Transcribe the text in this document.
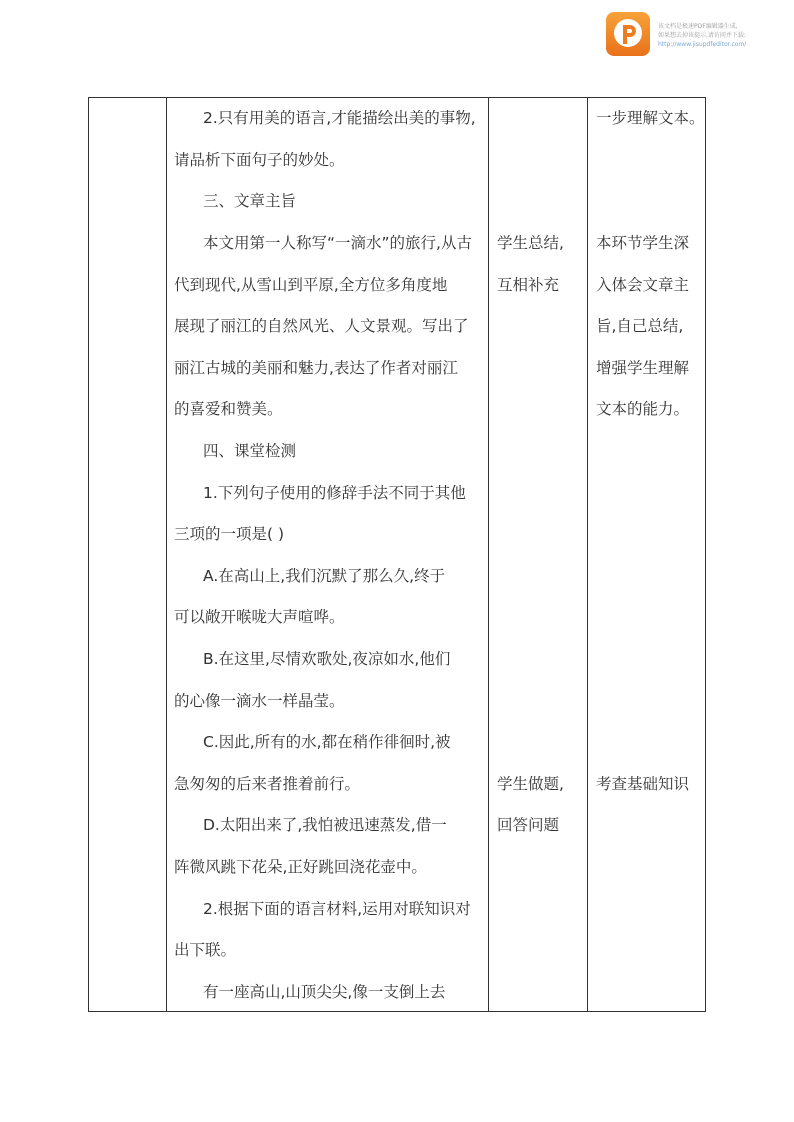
该文档是极速PDF编辑器生成,
如果想去掉该提示,请访问并下载:
http://www.jisupdfeditor.com/
2.只有用美的语言,才能描绘出美的事物,
请品析下面句子的妙处。
三、文章主旨
本文用第一人称写“一滴水”的旅行,从古
代到现代,从雪山到平原,全方位多角度地
展现了丽江的自然风光、人文景观。写出了
丽江古城的美丽和魅力,表达了作者对丽江
的喜爱和赞美。
四、课堂检测
1.下列句子使用的修辞手法不同于其他
三项的一项是( )
A.在高山上,我们沉默了那么久,终于
可以敞开喉咙大声喧哗。
B.在这里,尽情欢歌处,夜凉如水,他们
的心像一滴水一样晶莹。
C.因此,所有的水,都在稍作徘徊时,被
急匆匆的后来者推着前行。
D.太阳出来了,我怕被迅速蒸发,借一
阵微风跳下花朵,正好跳回浇花壶中。
2.根据下面的语言材料,运用对联知识对
出下联。
有一座高山,山顶尖尖,像一支倒上去
学生总结,
互相补充
学生做题,
回答问题
一步理解文本。
本环节学生深
入体会文章主
旨,自己总结,
增强学生理解
文本的能力。
考查基础知识
